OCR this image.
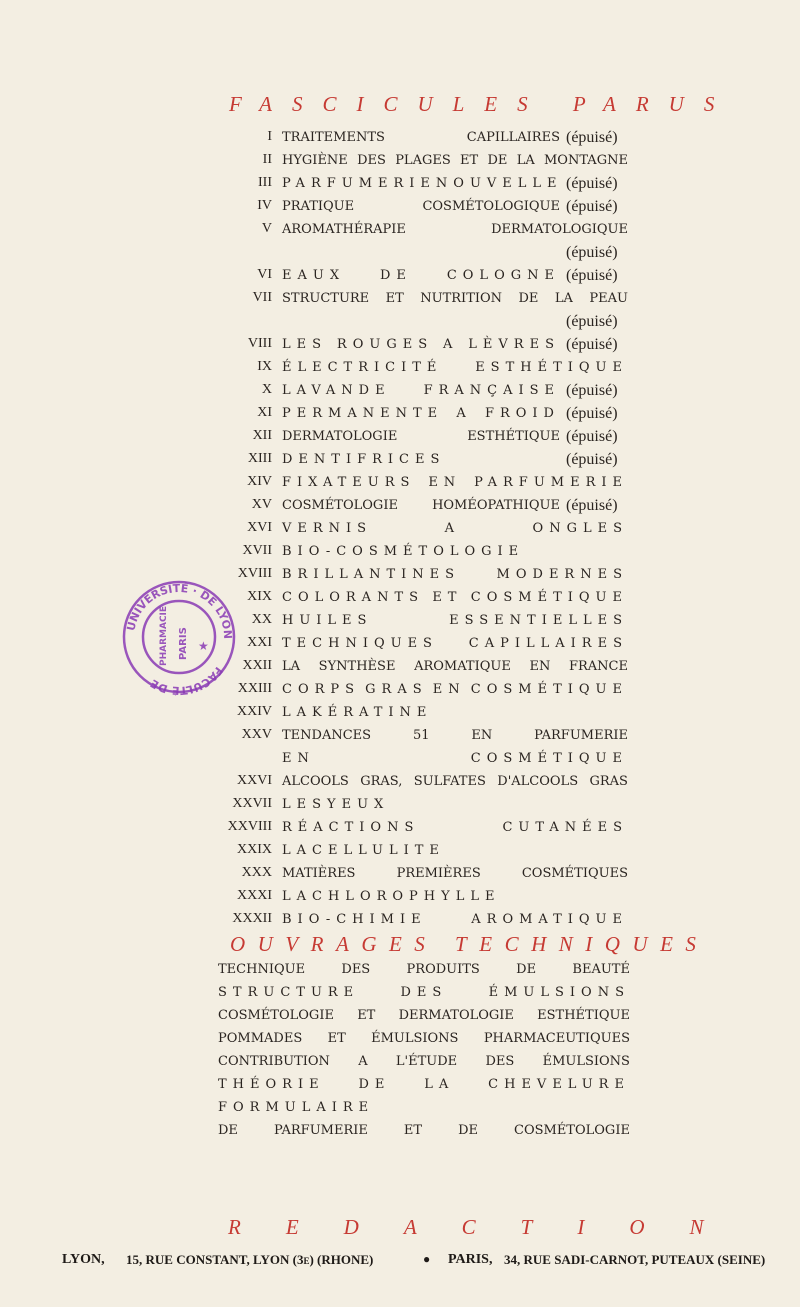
FASCICULES PARUS
I TRAITEMENTS	CAPILLAIRES (épuisé)
II HYGIÈNE DES PLAGES ET DE LA MONTAGNE
III PARFUMERIE NOUVELLE (épuisé)
IV PRATIQUE	COSMÉTOLOGIQUE (épuisé)
V AROMATHÉRAPIE	DERMATOLOGIQUE
(épuisé)
VI EAUX	DE	COLOGNE (épuisé)
VII STRUCTURE ET NUTRITION DE LA PEAU
(épuisé)
VIII LES ROUGES A LÈVRES (épuisé)
IX ÉLECTRICITÉ	ESTHÉTIQUE
X LAVANDE	FRANÇAISE (épuisé)
XI PERMANENTE A FROID (épuisé)
XII DERMATOLOGIE	ESTHÉTIQUE (épuisé)
XIII DENTIFRICES	(épuisé)
XIV FIXATEURS EN PARFUMERIE
XV COSMÉTOLOGIE	HOMÉOPATHIQUE (épuisé)
XVI VERNIS	A	ONGLES
XVII BIO-COSMÉTOLOGIE
XVIII BRILLANTINES	MODERNES
XIX COLORANTS ET COSMÉTIQUE
XX HUILES	ESSENTIELLES
XXI TECHNIQUES CAPILLAIRES
XXII LA SYNTHÈSE AROMATIQUE EN FRANCE
XXIII CORPS GRAS EN COSMÉTIQUE
XXIV LAKÉRATINE
XXV TENDANCES	51	EN	PARFUMERIE
EN	COSMÉTIQUE
XXVI ALCOOLS GRAS, SULFATES D'ALCOOLS GRAS
XXVII LESYEUX
XXVIII RÉACTIONS	CUTANÉES
XXIX LACELLULITE
XXX MATIÈRES	PREMIÈRES	COSMÉTIQUES
XXXI LACHLOROPHYLLE
XXXII BIO-CHIMIE	AROMATIQUE
UNIVERSITÉ · DE LYON
FACULTÉ DE
PHARMACIE PARIS ★
OUVRAGES TECHNIQUES
TECHNIQUE	DES	PRODUITS	DE	BEAUTÉ
STRUCTURE	DES	ÉMULSIONS
COSMÉTOLOGIE ET DERMATOLOGIE ESTHÉTIQUE
POMMADES ET ÉMULSIONS PHARMACEUTIQUES
CONTRIBUTION A L'ÉTUDE DES ÉMULSIONS
THÉORIE	DE	LA	CHEVELURE
FORMULAIRE
DE	PARFUMERIE	ET	DE	COSMÉTOLOGIE
REDACTION
LYON, 15, RUE CONSTANT, LYON (3e) (RHONE)	● PARIS, 34, RUE SADI-CARNOT, PUTEAUX (SEINE)
